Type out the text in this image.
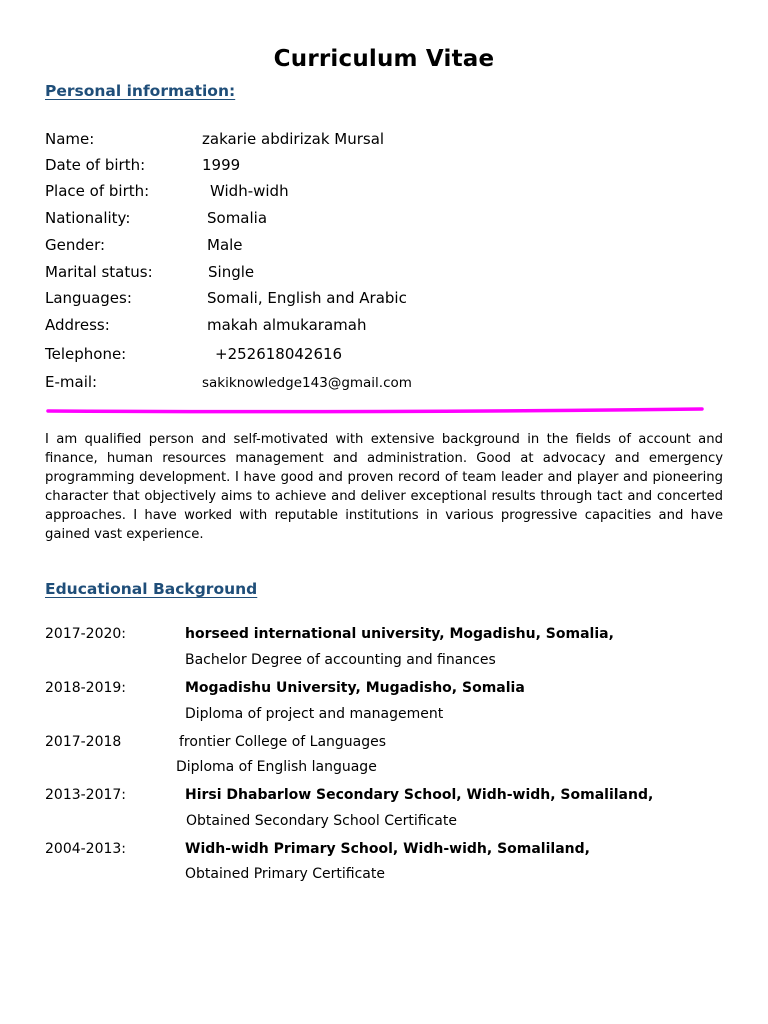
Curriculum Vitae
Personal information:
Name:	zakarie abdirizak Mursal
Date of birth:	1999
Place of birth:	Widh-widh
Nationality:	Somalia
Gender:	Male
Marital status:	Single
Languages:	Somali, English and Arabic
Address:	makah almukaramah
Telephone:	+252618042616
E-mail:	sakiknowledge143@gmail.com
I am qualified person and self-motivated with extensive background in the fields of account and finance, human resources management and administration. Good at advocacy and emergency programming development. I have good and proven record of team leader and player and pioneering character that objectively aims to achieve and deliver exceptional results through tact and concerted approaches. I have worked with reputable institutions in various progressive capacities and have gained vast experience.
Educational Background
2017-2020:	horseed international university, Mogadishu, Somalia,
Bachelor Degree of accounting and finances
2018-2019:	Mogadishu University, Mugadisho, Somalia
Diploma of project and management
2017-2018	frontier College of Languages
Diploma of English language
2013-2017:	Hirsi Dhabarlow Secondary School, Widh-widh, Somaliland,
Obtained Secondary School Certificate
2004-2013:	Widh-widh Primary School, Widh-widh, Somaliland,
Obtained Primary Certificate
